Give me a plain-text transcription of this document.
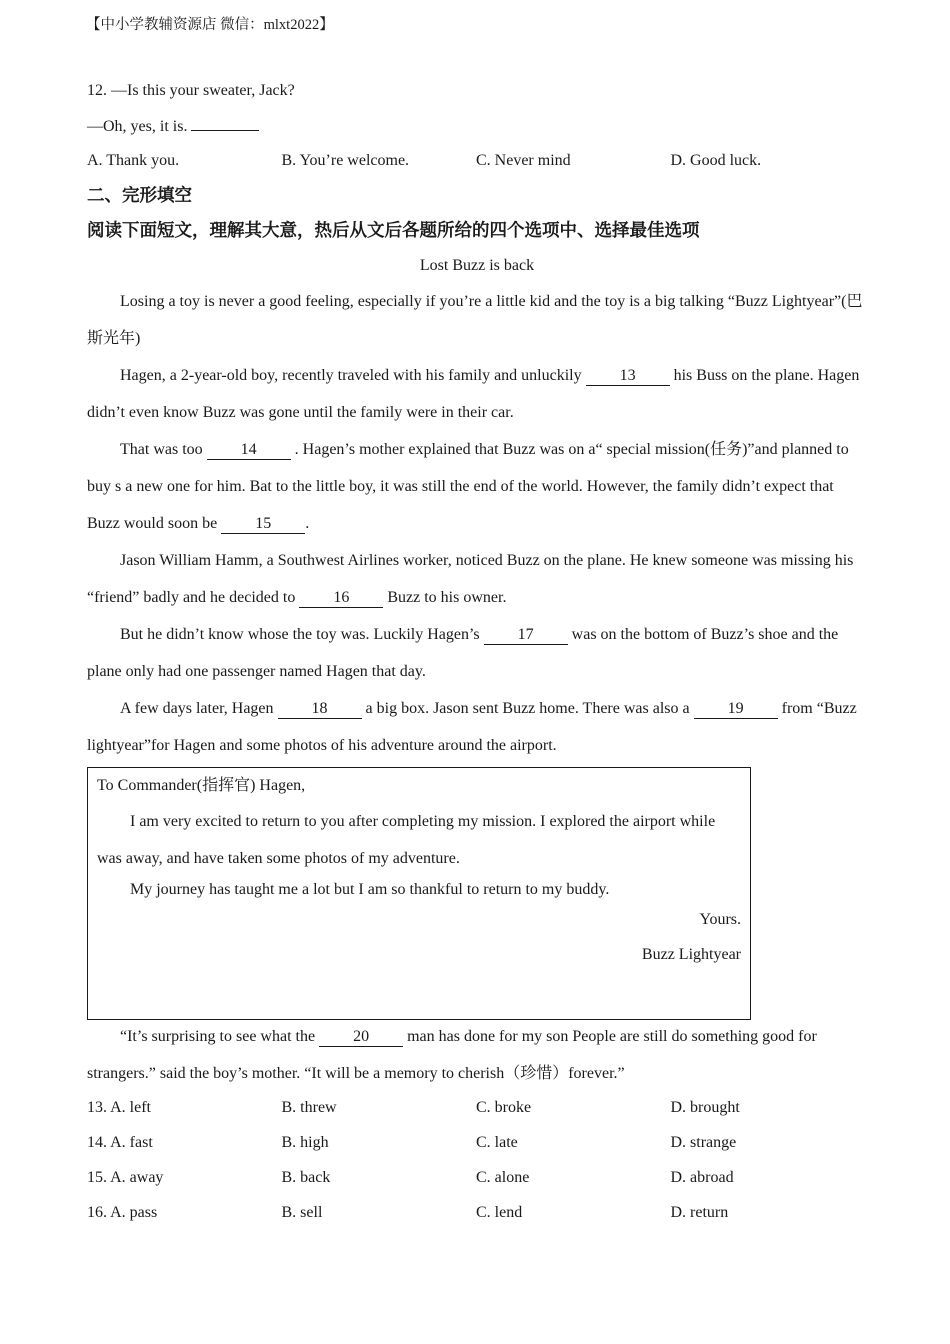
【中小学教辅资源店 微信：mlxt2022】
12. —Is this your sweater, Jack?
—Oh, yes, it is.
A. Thank you.	B. You’re welcome.	C. Never mind	D. Good luck.
二、完形填空
阅读下面短文，理解其大意，热后从文后各题所给的四个选项中、选择最佳选项
Lost Buzz is back

Losing a toy is never a good feeling, especially if you’re a little kid and the toy is a big talking “Buzz Lightyear”(巴斯光年)

Hagen, a 2-year-old boy, recently traveled with his family and unluckily 13 his Buss on the plane. Hagen didn’t even know Buzz was gone until the family were in their car.

That was too 14 . Hagen’s mother explained that Buzz was on a“ special mission(任务)”and planned to buy s a new one for him. Bat to the little boy, it was still the end of the world. However, the family didn’t expect that Buzz would soon be 15 .

Jason William Hamm, a Southwest Airlines worker, noticed Buzz on the plane. He knew someone was missing his “friend” badly and he decided to 16 Buzz to his owner.

But he didn’t know whose the toy was. Luckily Hagen’s 17 was on the bottom of Buzz’s shoe and the plane only had one passenger named Hagen that day.

A few days later, Hagen 18 a big box. Jason sent Buzz home. There was also a 19 from “Buzz lightyear”for Hagen and some photos of his adventure around the airport.

To Commander(指挥官) Hagen,

I am very excited to return to you after completing my mission. I explored the airport while was away, and have taken some photos of my adventure.

My journey has taught me a lot but I am so thankful to return to my buddy.

Yours.
Buzz Lightyear

“It’s surprising to see what the 20 man has done for my son People are still do something good for strangers.” said the boy’s mother. “It will be a memory to cherish（珍惜）forever.”

13. A. left	B. threw	C. broke	D. brought
14. A. fast	B. high	C. late	D. strange
15. A. away	B. back	C. alone	D. abroad
16. A. pass	B. sell	C. lend	D. return
